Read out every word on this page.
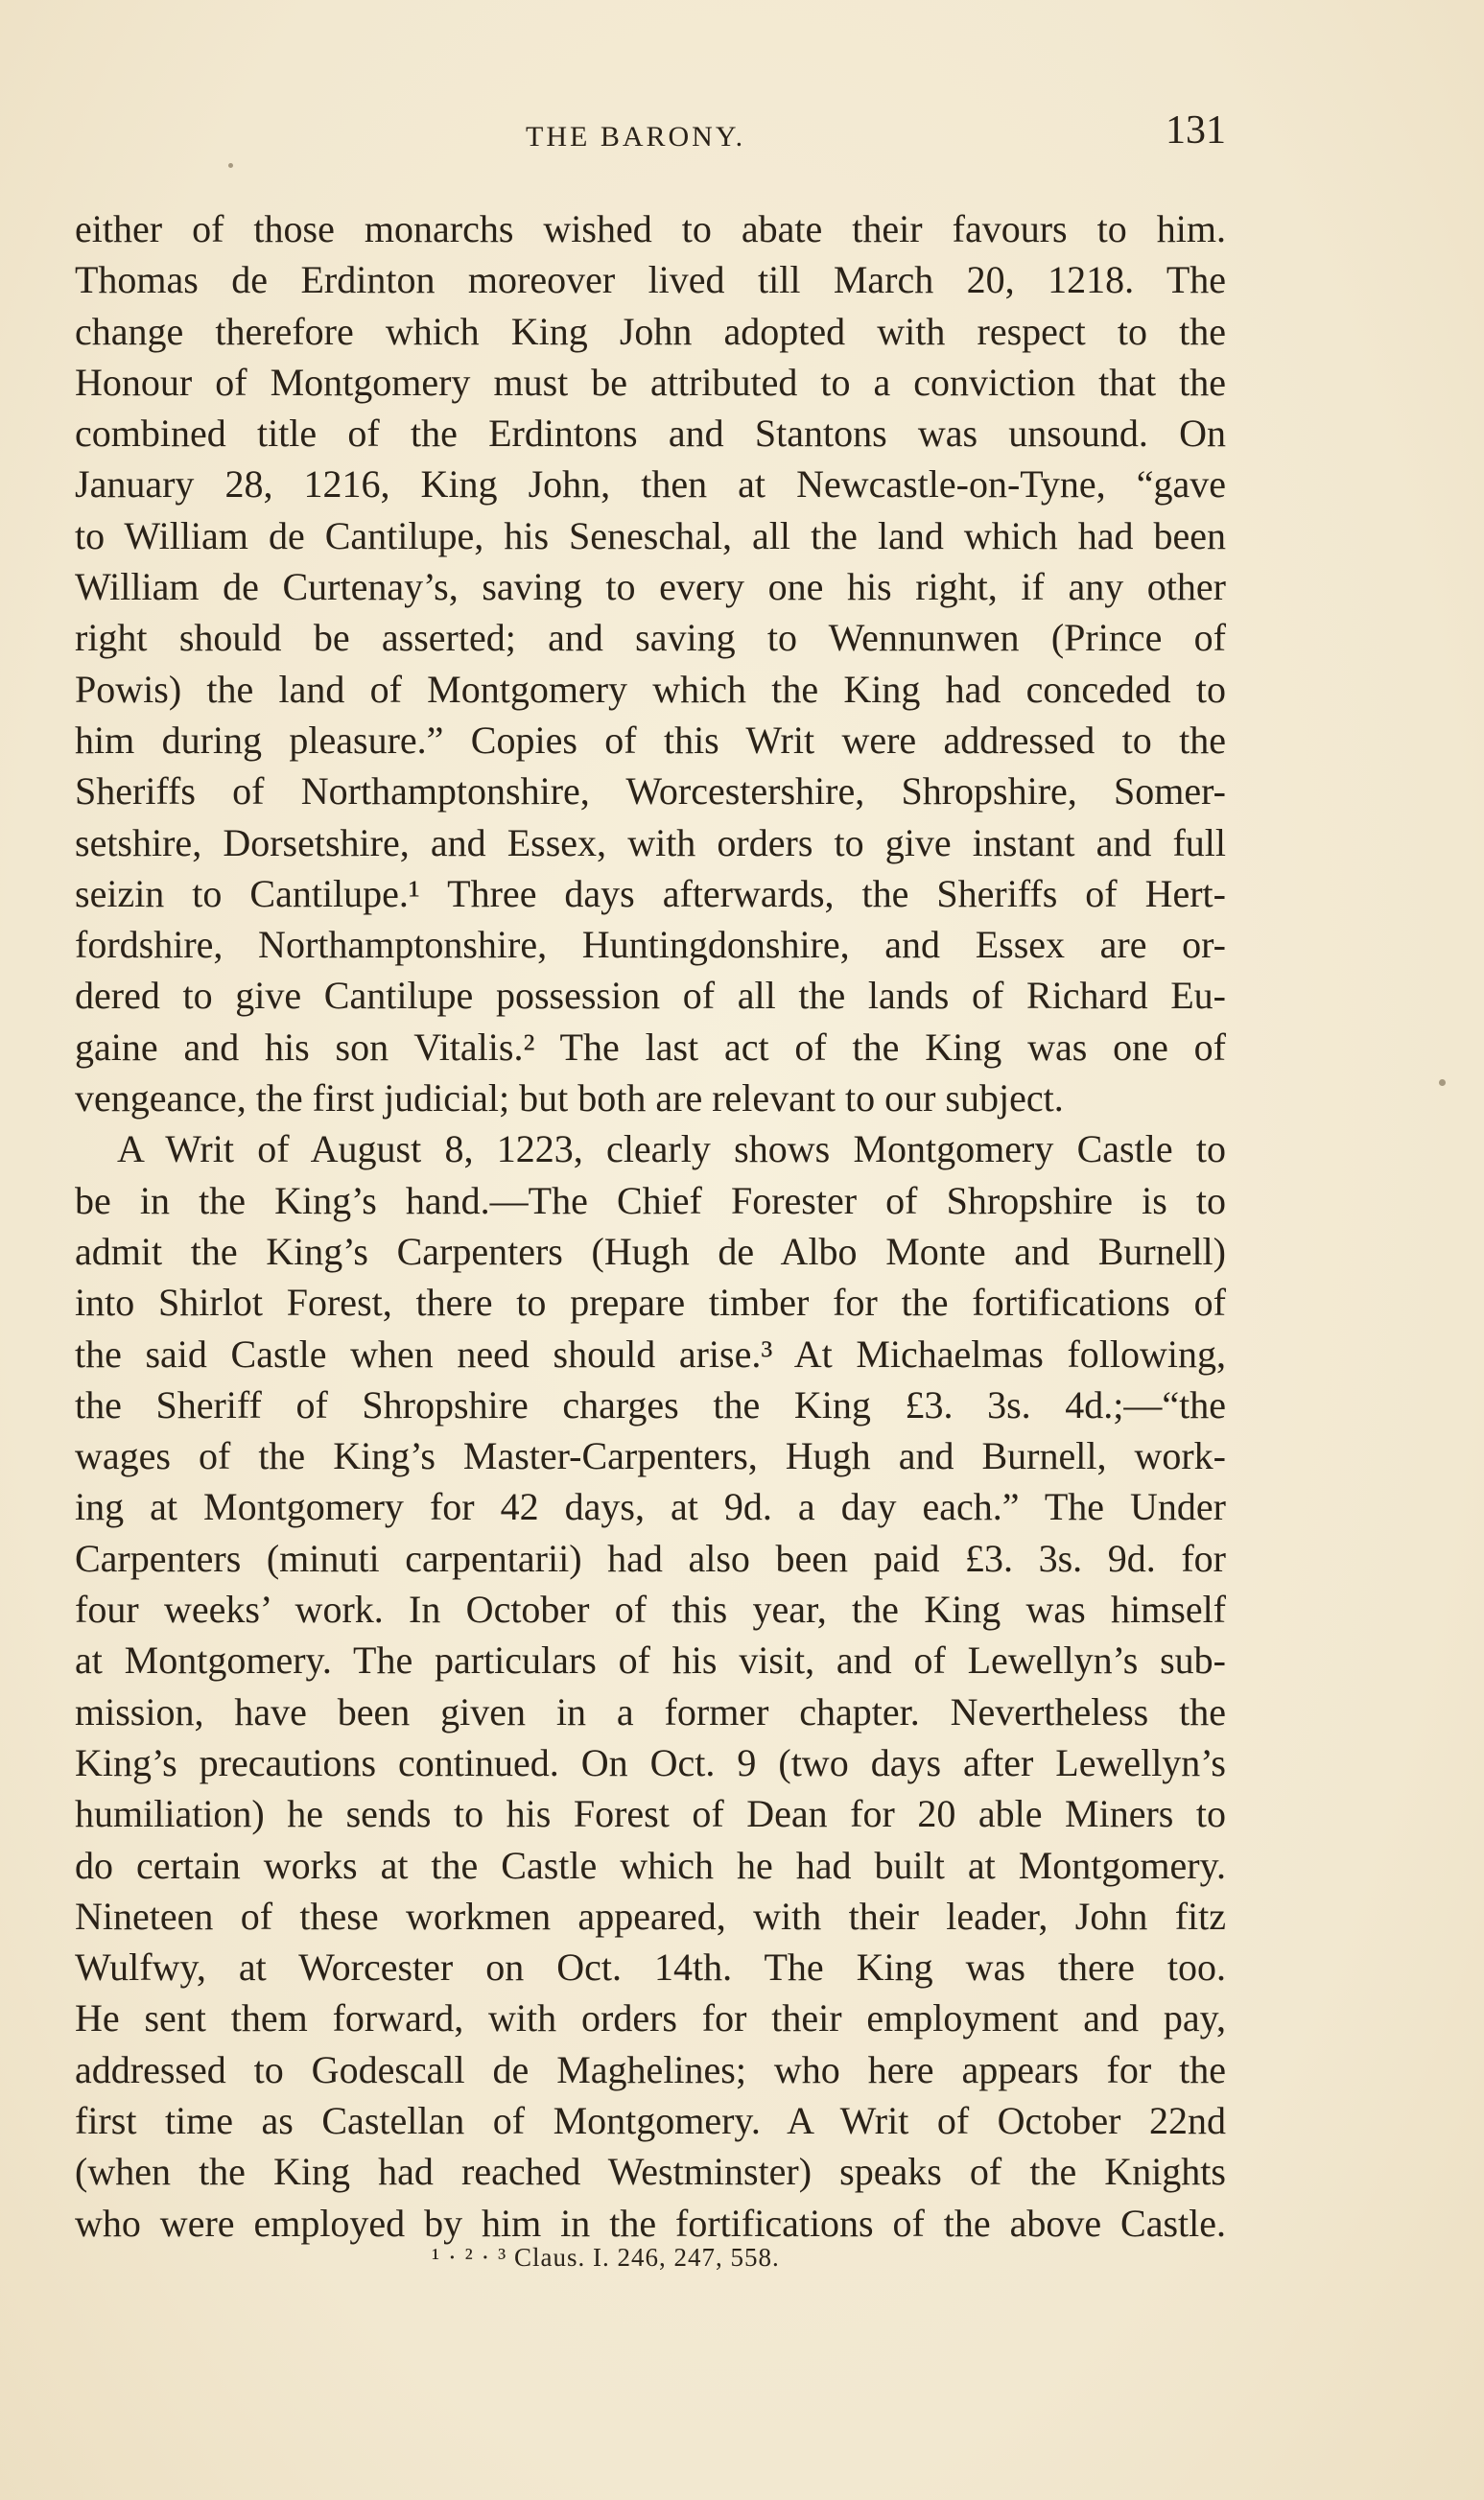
THE BARONY.	131
either of those monarchs wished to abate their favours to him.
Thomas de Erdinton moreover lived till March 20, 1218. The
change therefore which King John adopted with respect to the
Honour of Montgomery must be attributed to a conviction that the
combined title of the Erdintons and Stantons was unsound. On
January 28, 1216, King John, then at Newcastle-on-Tyne, “gave
to William de Cantilupe, his Seneschal, all the land which had been
William de Curtenay’s, saving to every one his right, if any other
right should be asserted; and saving to Wennunwen (Prince of
Powis) the land of Montgomery which the King had conceded to
him during pleasure.” Copies of this Writ were addressed to the
Sheriffs of Northamptonshire, Worcestershire, Shropshire, Somer-
setshire, Dorsetshire, and Essex, with orders to give instant and full
seizin to Cantilupe.¹ Three days afterwards, the Sheriffs of Hert-
fordshire, Northamptonshire, Huntingdonshire, and Essex are or-
dered to give Cantilupe possession of all the lands of Richard Eu-
gaine and his son Vitalis.² The last act of the King was one of
vengeance, the first judicial; but both are relevant to our subject.
A Writ of August 8, 1223, clearly shows Montgomery Castle to
be in the King’s hand.—The Chief Forester of Shropshire is to
admit the King’s Carpenters (Hugh de Albo Monte and Burnell)
into Shirlot Forest, there to prepare timber for the fortifications of
the said Castle when need should arise.³ At Michaelmas following,
the Sheriff of Shropshire charges the King £3. 3s. 4d.;—“the
wages of the King’s Master-Carpenters, Hugh and Burnell, work-
ing at Montgomery for 42 days, at 9d. a day each.” The Under
Carpenters (minuti carpentarii) had also been paid £3. 3s. 9d. for
four weeks’ work. In October of this year, the King was himself
at Montgomery. The particulars of his visit, and of Lewellyn’s sub-
mission, have been given in a former chapter. Nevertheless the
King’s precautions continued. On Oct. 9 (two days after Lewellyn’s
humiliation) he sends to his Forest of Dean for 20 able Miners to
do certain works at the Castle which he had built at Montgomery.
Nineteen of these workmen appeared, with their leader, John fitz
Wulfwy, at Worcester on Oct. 14th. The King was there too.
He sent them forward, with orders for their employment and pay,
addressed to Godescall de Maghelines; who here appears for the
first time as Castellan of Montgomery. A Writ of October 22nd
(when the King had reached Westminster) speaks of the Knights
who were employed by him in the fortifications of the above Castle.
¹ · ² · ³ Claus. I. 246, 247, 558.
